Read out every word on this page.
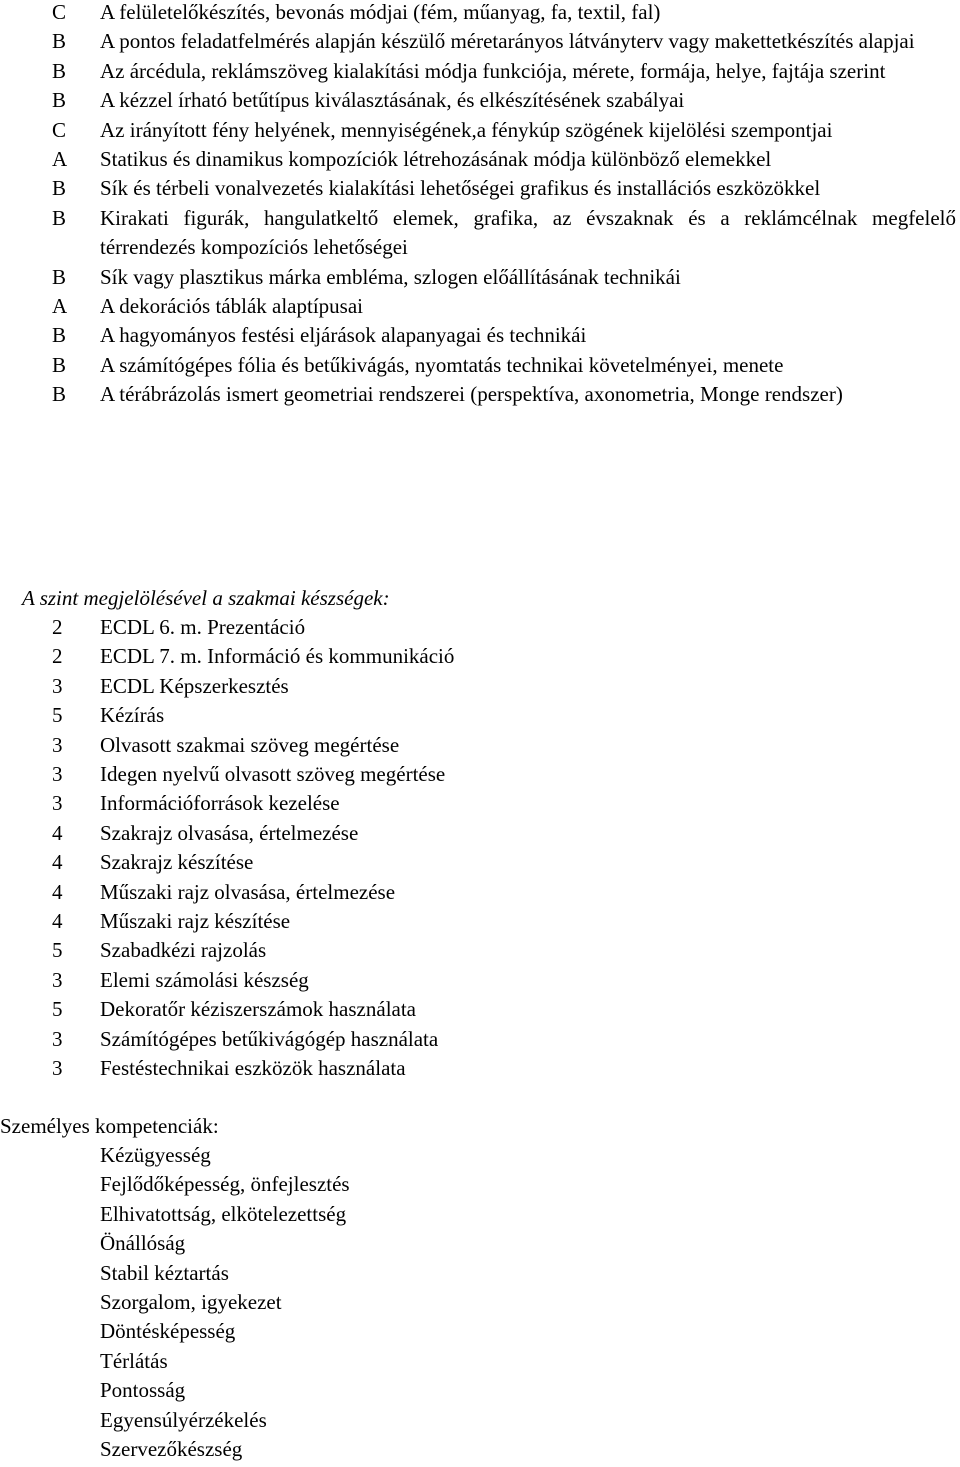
C	A felületelőkészítés, bevonás módjai (fém, műanyag, fa, textil, fal)
B	A pontos feladatfelmérés alapján készülő méretarányos látványterv vagy makettetkészítés alapjai
B	Az árcédula, reklámszöveg kialakítási módja funkciója, mérete, formája, helye, fajtája szerint
B	A kézzel írható betűtípus kiválasztásának, és elkészítésének szabályai
C	Az irányított fény helyének, mennyiségének,a fénykúp szögének kijelölési szempontjai
A	Statikus és dinamikus kompozíciók létrehozásának módja különböző elemekkel
B	Sík és térbeli vonalvezetés kialakítási lehetőségei grafikus és installációs eszközökkel
B	Kirakati figurák, hangulatkeltő elemek, grafika, az évszaknak és a reklámcélnak megfelelő térrendezés kompozíciós lehetőségei
B	Sík vagy plasztikus márka embléma, szlogen előállításának technikái
A	A dekorációs táblák alaptípusai
B	A hagyományos festési eljárások alapanyagai és technikái
B	A számítógépes fólia és betűkivágás, nyomtatás technikai követelményei, menete
B	A térábrázolás ismert geometriai rendszerei (perspektíva, axonometria, Monge rendszer)
A szint megjelölésével a szakmai készségek:
2	ECDL 6. m. Prezentáció
2	ECDL 7. m. Információ és kommunikáció
3	ECDL Képszerkesztés
5	Kézírás
3	Olvasott szakmai szöveg megértése
3	Idegen nyelvű olvasott szöveg megértése
3	Információforrások kezelése
4	Szakrajz olvasása, értelmezése
4	Szakrajz készítése
4	Műszaki rajz olvasása, értelmezése
4	Műszaki rajz készítése
5	Szabadkézi rajzolás
3	Elemi számolási készség
5	Dekoratőr kéziszerszámok használata
3	Számítógépes betűkivágógép használata
3	Festéstechnikai eszközök használata
Személyes kompetenciák:
Kézügyesség
Fejlődőképesség, önfejlesztés
Elhivatottság, elkötelezettség
Önállóság
Stabil kéztartás
Szorgalom, igyekezet
Döntésképesség
Térlátás
Pontosság
Egyensúlyérzékelés
Szervezőkészség
